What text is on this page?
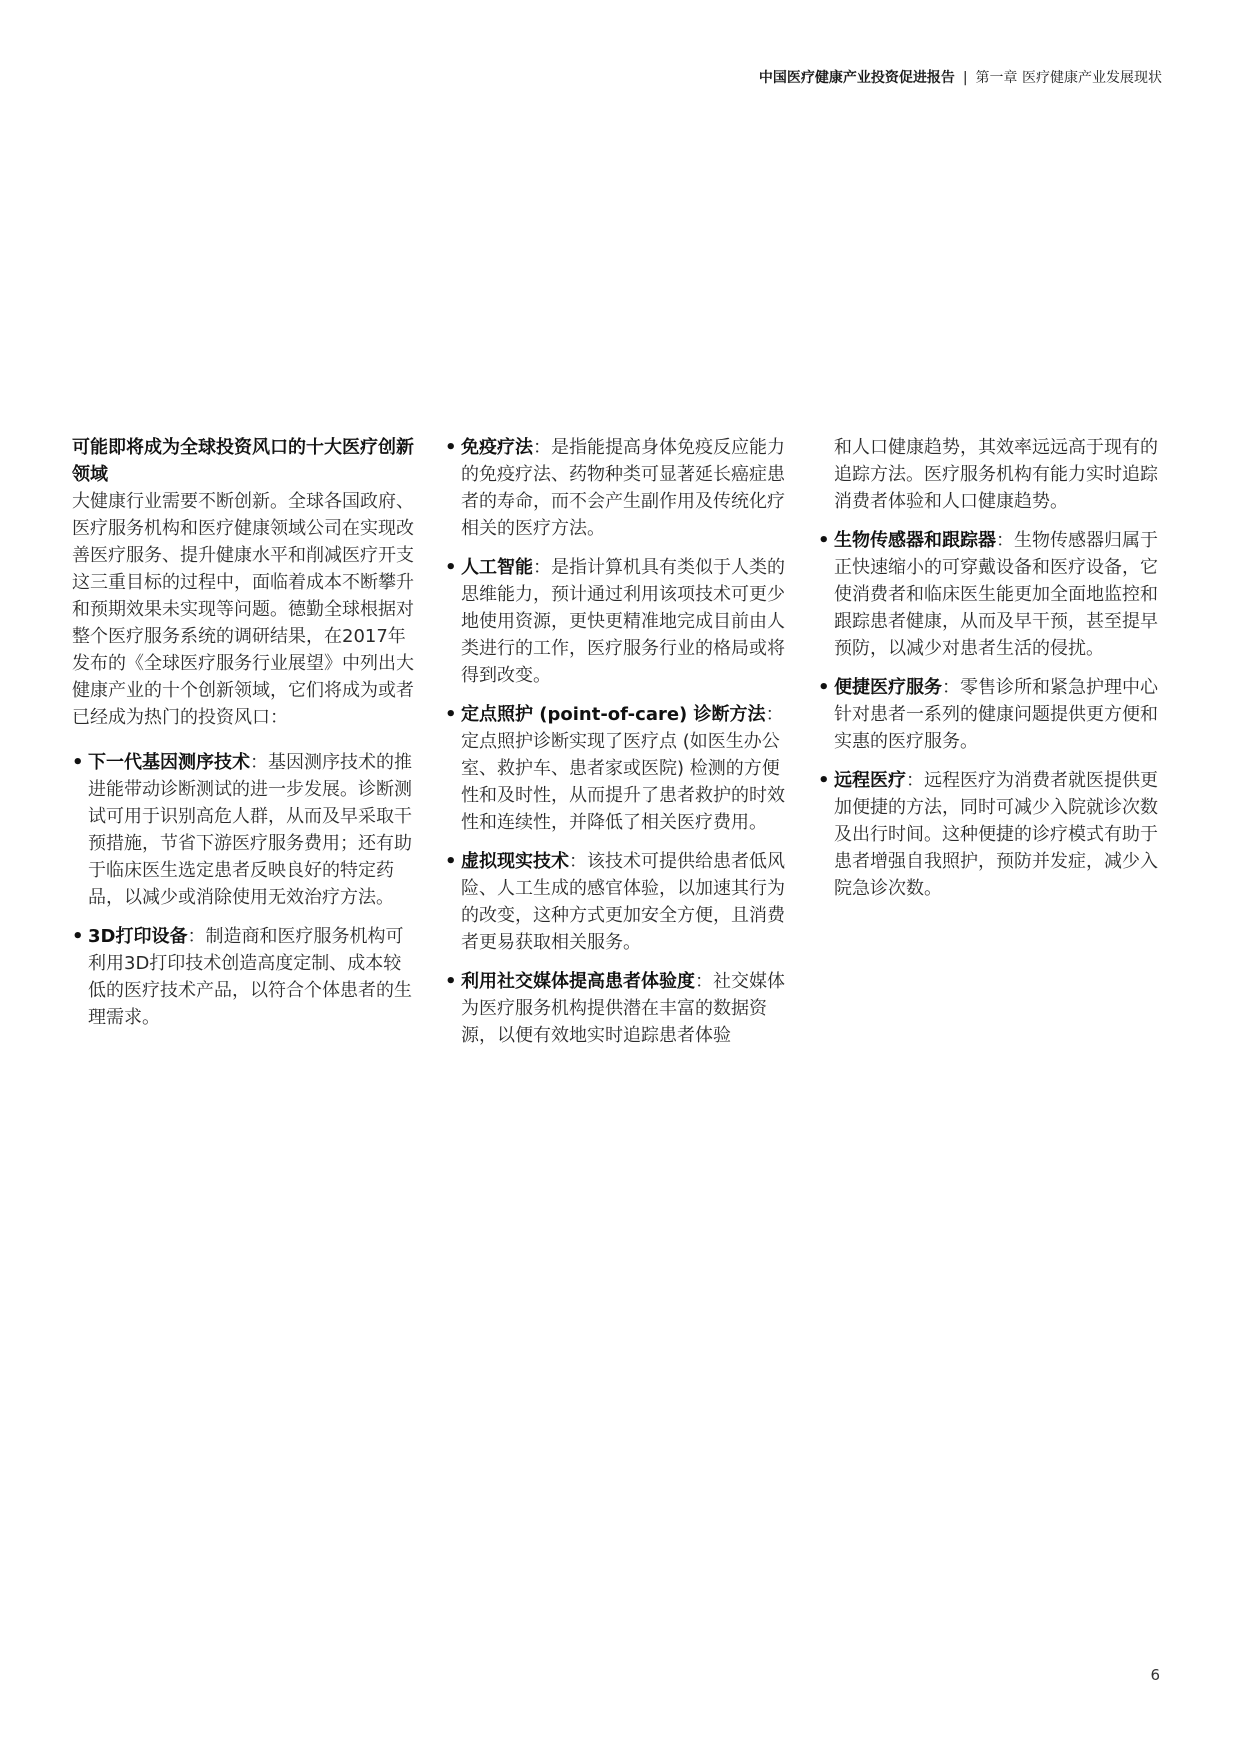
中国医疗健康产业投资促进报告 | 第一章 医疗健康产业发展现状

可能即将成为全球投资风口的十大医疗创新领域

大健康行业需要不断创新。全球各国政府、医疗服务机构和医疗健康领域公司在实现改善医疗服务、提升健康水平和削减医疗开支这三重目标的过程中，面临着成本不断攀升和预期效果未实现等问题。德勤全球根据对整个医疗服务系统的调研结果，在2017年发布的《全球医疗服务行业展望》中列出大健康产业的十个创新领域，它们将成为或者已经成为热门的投资风口：

• 下一代基因测序技术：基因测序技术的推进能带动诊断测试的进一步发展。诊断测试可用于识别高危人群，从而及早采取干预措施，节省下游医疗服务费用；还有助于临床医生选定患者反映良好的特定药品，以减少或消除使用无效治疗方法。
• 3D打印设备：制造商和医疗服务机构可利用3D打印技术创造高度定制、成本较低的医疗技术产品，以符合个体患者的生理需求。
• 免疫疗法：是指能提高身体免疫反应能力的免疫疗法、药物种类可显著延长癌症患者的寿命，而不会产生副作用及传统化疗相关的医疗方法。
• 人工智能：是指计算机具有类似于人类的思维能力，预计通过利用该项技术可更少地使用资源，更快更精准地完成目前由人类进行的工作，医疗服务行业的格局或将得到改变。
• 定点照护 (point-of-care) 诊断方法：定点照护诊断实现了医疗点 (如医生办公室、救护车、患者家或医院) 检测的方便性和及时性，从而提升了患者救护的时效性和连续性，并降低了相关医疗费用。
• 虚拟现实技术：该技术可提供给患者低风险、人工生成的感官体验，以加速其行为的改变，这种方式更加安全方便，且消费者更易获取相关服务。
• 利用社交媒体提高患者体验度：社交媒体为医疗服务机构提供潜在丰富的数据资源，以便有效地实时追踪患者体验

和人口健康趋势，其效率远远高于现有的追踪方法。医疗服务机构有能力实时追踪消费者体验和人口健康趋势。

• 生物传感器和跟踪器：生物传感器归属于正快速缩小的可穿戴设备和医疗设备，它使消费者和临床医生能更加全面地监控和跟踪患者健康，从而及早干预，甚至提早预防，以减少对患者生活的侵扰。
• 便捷医疗服务：零售诊所和紧急护理中心针对患者一系列的健康问题提供更方便和实惠的医疗服务。
• 远程医疗：远程医疗为消费者就医提供更加便捷的方法，同时可减少入院就诊次数及出行时间。这种便捷的诊疗模式有助于患者增强自我照护，预防并发症，减少入院急诊次数。
6
